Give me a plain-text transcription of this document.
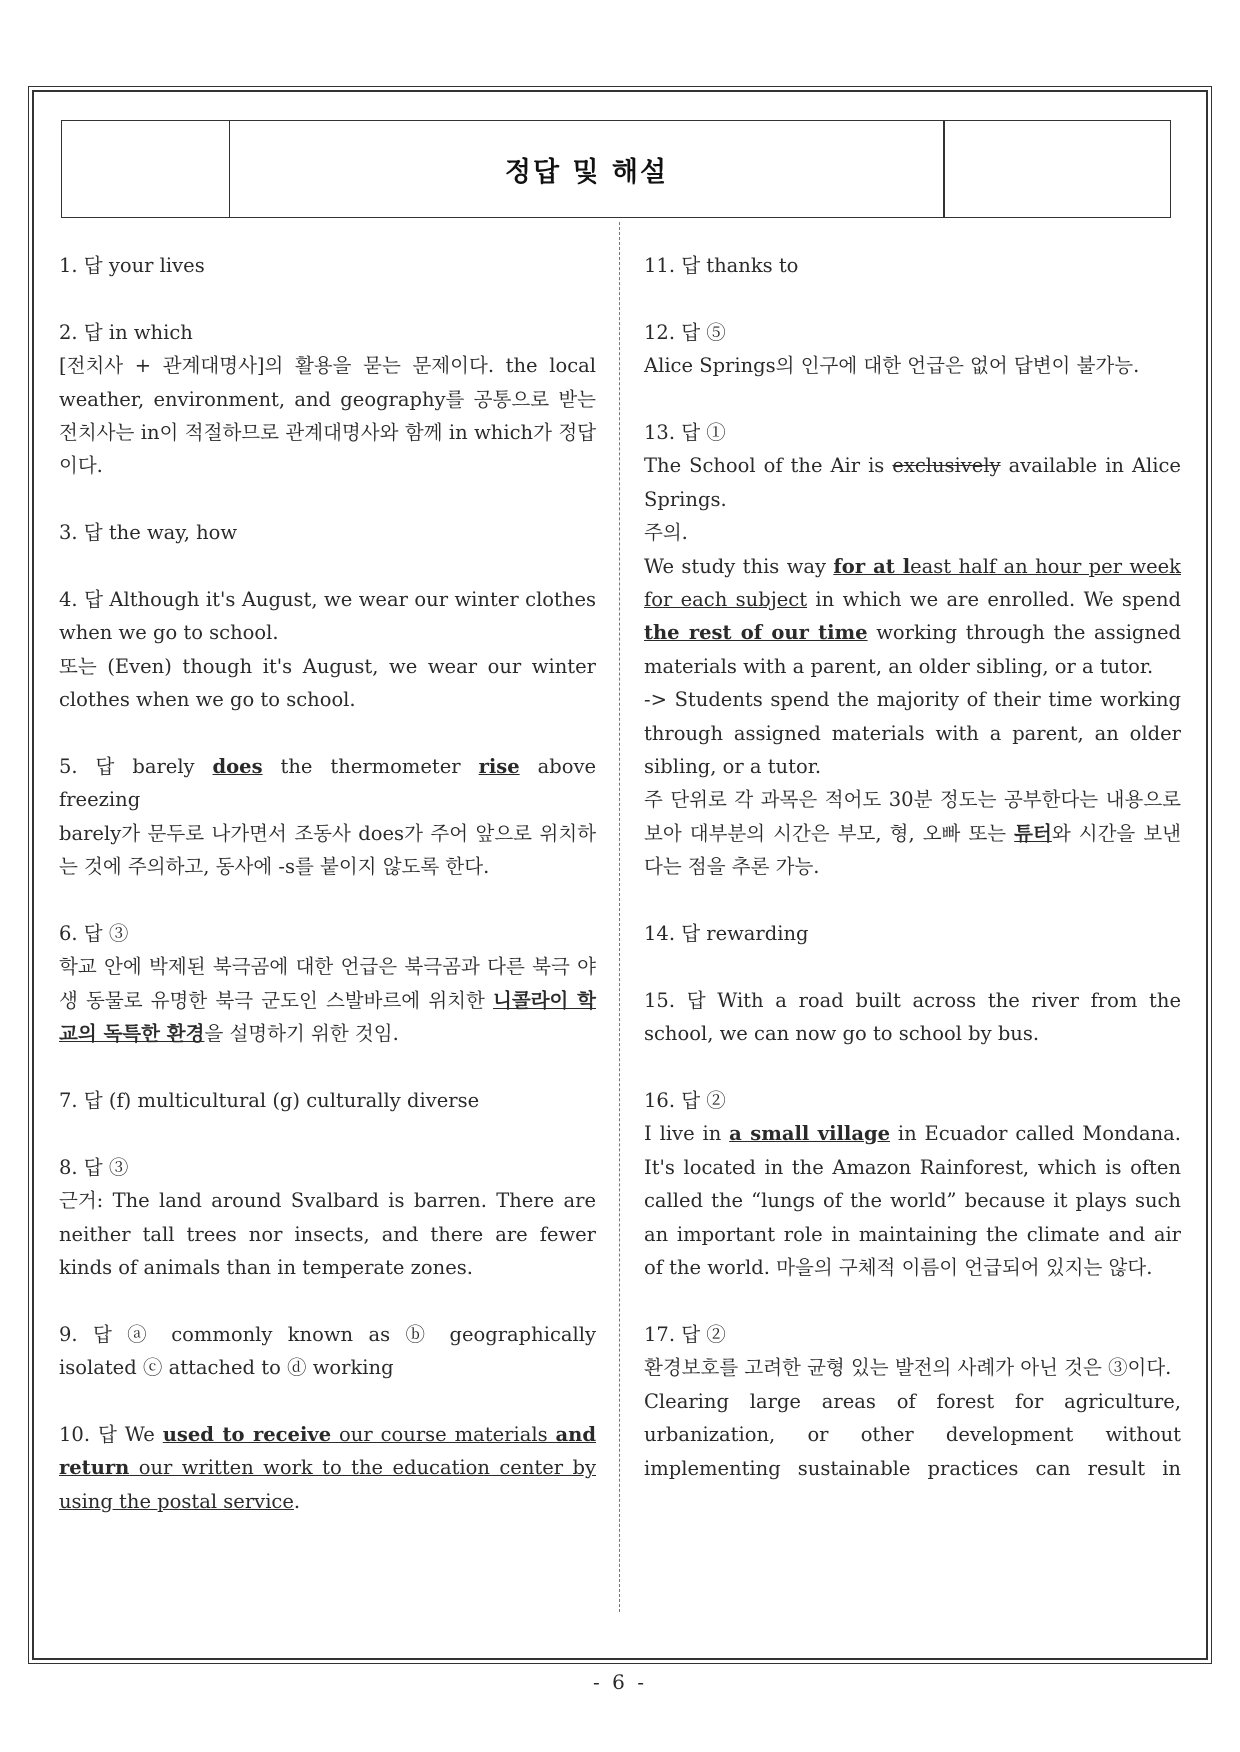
정답 및 해설

1. 답 your lives

2. 답 in which

[전치사 + 관계대명사]의 활용을 묻는 문제이다. the local weather, environment, and geography를 공통으로 받는 전치사는 in이 적절하므로 관계대명사와 함께 in which가 정답이다.

3. 답 the way, how

4. 답 Although it's August, we wear our winter clothes when we go to school.

또는 (Even) though it's August, we wear our winter clothes when we go to school.

5. 답 barely does the thermometer rise above freezing

barely가 문두로 나가면서 조동사 does가 주어 앞으로 위치하는 것에 주의하고, 동사에 -s를 붙이지 않도록 한다.

6. 답 ③

학교 안에 박제된 북극곰에 대한 언급은 북극곰과 다른 북극 야생 동물로 유명한 북극 군도인 스발바르에 위치한 니콜라이 학교의 독특한 환경을 설명하기 위한 것임.

7. 답 (f) multicultural (g) culturally diverse

8. 답 ③

근거: The land around Svalbard is barren. There are neither tall trees nor insects, and there are fewer kinds of animals than in temperate zones.

9. 답 ⓐ commonly known as ⓑ geographically isolated ⓒ attached to ⓓ working

10. 답 We used to receive our course materials and return our written work to the education center by using the postal service.

11. 답 thanks to

12. 답 ⑤

Alice Springs의 인구에 대한 언급은 없어 답변이 불가능.

13. 답 ①

The School of the Air is exclusively available in Alice Springs.

주의.

We study this way for at least half an hour per week for each subject in which we are enrolled. We spend the rest of our time working through the assigned materials with a parent, an older sibling, or a tutor.

-> Students spend the majority of their time working through assigned materials with a parent, an older sibling, or a tutor.

주 단위로 각 과목은 적어도 30분 정도는 공부한다는 내용으로 보아 대부분의 시간은 부모, 형, 오빠 또는 튜터와 시간을 보낸다는 점을 추론 가능.

14. 답 rewarding

15. 답 With a road built across the river from the school, we can now go to school by bus.

16. 답 ②

I live in a small village in Ecuador called Mondana. It's located in the Amazon Rainforest, which is often called the “lungs of the world” because it plays such an important role in maintaining the climate and air of the world. 마을의 구체적 이름이 언급되어 있지는 않다.

17. 답 ②

환경보호를 고려한 균형 있는 발전의 사례가 아닌 것은 ③이다.

Clearing large areas of forest for agriculture, urbanization, or other development without implementing sustainable practices can result in

- 6 -
